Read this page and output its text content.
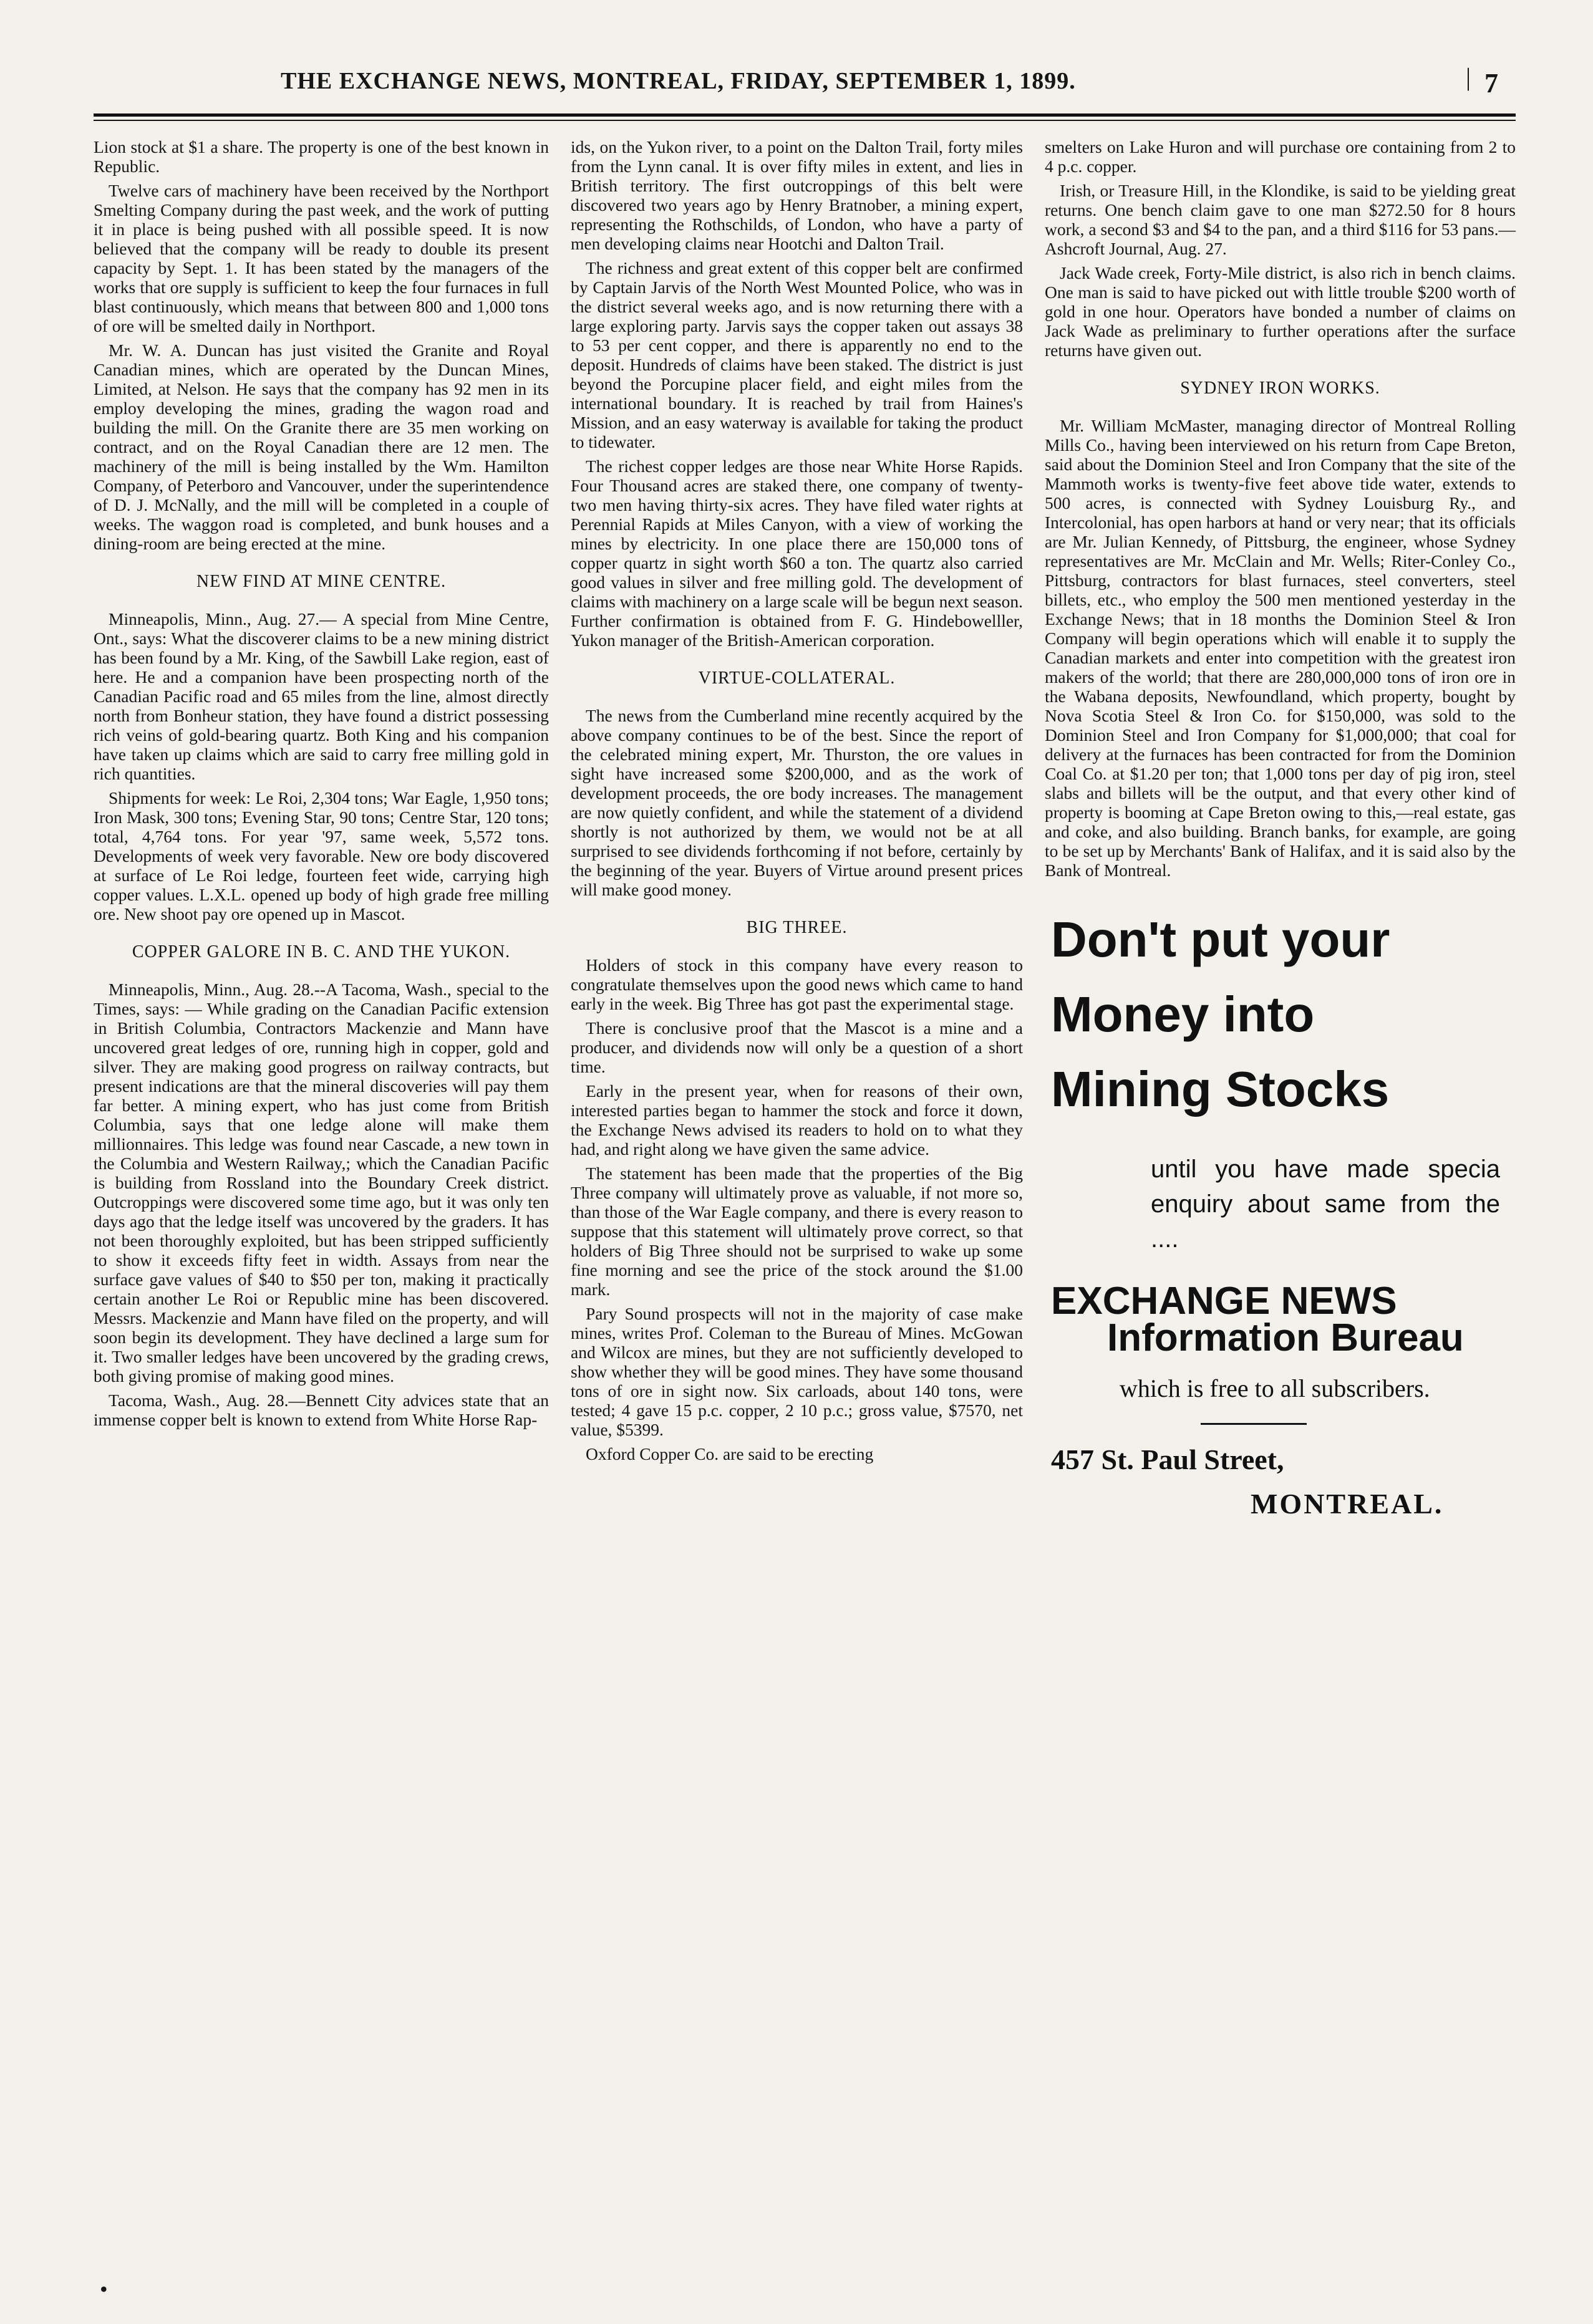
THE EXCHANGE NEWS, MONTREAL, FRIDAY, SEPTEMBER 1, 1899.	| 7

Lion stock at $1 a share. The property is one of the best known in Republic.

Twelve cars of machinery have been received by the Northport Smelting Company during the past week, and the work of putting it in place is being pushed with all possible speed. It is now believed that the company will be ready to double its present capacity by Sept. 1. It has been stated by the managers of the works that ore supply is sufficient to keep the four furnaces in full blast continuously, which means that between 800 and 1,000 tons of ore will be smelted daily in Northport.

Mr. W. A. Duncan has just visited the Granite and Royal Canadian mines, which are operated by the Duncan Mines, Limited, at Nelson. He says that the company has 92 men in its employ developing the mines, grading the wagon road and building the mill. On the Granite there are 35 men working on contract, and on the Royal Canadian there are 12 men. The machinery of the mill is being installed by the Wm. Hamilton Company, of Peterboro and Vancouver, under the superintendence of D. J. McNally, and the mill will be completed in a couple of weeks. The waggon road is completed, and bunk houses and a dining-room are being erected at the mine.

NEW FIND AT MINE CENTRE.

Minneapolis, Minn., Aug. 27.— A special from Mine Centre, Ont., says: What the discoverer claims to be a new mining district has been found by a Mr. King, of the Sawbill Lake region, east of here. He and a companion have been prospecting north of the Canadian Pacific road and 65 miles from the line, almost directly north from Bonheur station, they have found a district possessing rich veins of gold-bearing quartz. Both King and his companion have taken up claims which are said to carry free milling gold in rich quantities.

Shipments for week: Le Roi, 2,304 tons; War Eagle, 1,950 tons; Iron Mask, 300 tons; Evening Star, 90 tons; Centre Star, 120 tons; total, 4,764 tons. For year '97, same week, 5,572 tons. Developments of week very favorable. New ore body discovered at surface of Le Roi ledge, fourteen feet wide, carrying high copper values. L.X.L. opened up body of high grade free milling ore. New shoot pay ore opened up in Mascot.

COPPER GALORE IN B. C. AND THE YUKON.

Minneapolis, Minn., Aug. 28.--A Tacoma, Wash., special to the Times, says: — While grading on the Canadian Pacific extension in British Columbia, Contractors Mackenzie and Mann have uncovered great ledges of ore, running high in copper, gold and silver. They are making good progress on railway contracts, but present indications are that the mineral discoveries will pay them far better. A mining expert, who has just come from British Columbia, says that one ledge alone will make them millionnaires. This ledge was found near Cascade, a new town in the Columbia and Western Railway,; which the Canadian Pacific is building from Rossland into the Boundary Creek district. Outcroppings were discovered some time ago, but it was only ten days ago that the ledge itself was uncovered by the graders. It has not been thoroughly exploited, but has been stripped sufficiently to show it exceeds fifty feet in width. Assays from near the surface gave values of $40 to $50 per ton, making it practically certain another Le Roi or Republic mine has been discovered. Messrs. Mackenzie and Mann have filed on the property, and will soon begin its development. They have declined a large sum for it. Two smaller ledges have been uncovered by the grading crews, both giving promise of making good mines.

Tacoma, Wash., Aug. 28.—Bennett City advices state that an immense copper belt is known to extend from White Horse Rap-

ids, on the Yukon river, to a point on the Dalton Trail, forty miles from the Lynn canal. It is over fifty miles in extent, and lies in British territory. The first outcroppings of this belt were discovered two years ago by Henry Bratnober, a mining expert, representing the Rothschilds, of London, who have a party of men developing claims near Hootchi and Dalton Trail.

The richness and great extent of this copper belt are confirmed by Captain Jarvis of the North West Mounted Police, who was in the district several weeks ago, and is now returning there with a large exploring party. Jarvis says the copper taken out assays 38 to 53 per cent copper, and there is apparently no end to the deposit. Hundreds of claims have been staked. The district is just beyond the Porcupine placer field, and eight miles from the international boundary. It is reached by trail from Haines's Mission, and an easy waterway is available for taking the product to tidewater.

The richest copper ledges are those near White Horse Rapids. Four Thousand acres are staked there, one company of twenty-two men having thirty-six acres. They have filed water rights at Perennial Rapids at Miles Canyon, with a view of working the mines by electricity. In one place there are 150,000 tons of copper quartz in sight worth $60 a ton. The quartz also carried good values in silver and free milling gold. The development of claims with machinery on a large scale will be begun next season. Further confirmation is obtained from F. G. Hindebowelller, Yukon manager of the British-American corporation.

VIRTUE-COLLATERAL.

The news from the Cumberland mine recently acquired by the above company continues to be of the best. Since the report of the celebrated mining expert, Mr. Thurston, the ore values in sight have increased some $200,000, and as the work of development proceeds, the ore body increases. The management are now quietly confident, and while the statement of a dividend shortly is not authorized by them, we would not be at all surprised to see dividends forthcoming if not before, certainly by the beginning of the year. Buyers of Virtue around present prices will make good money.

BIG THREE.

Holders of stock in this company have every reason to congratulate themselves upon the good news which came to hand early in the week. Big Three has got past the experimental stage.

There is conclusive proof that the Mascot is a mine and a producer, and dividends now will only be a question of a short time.

Early in the present year, when for reasons of their own, interested parties began to hammer the stock and force it down, the Exchange News advised its readers to hold on to what they had, and right along we have given the same advice.

The statement has been made that the properties of the Big Three company will ultimately prove as valuable, if not more so, than those of the War Eagle company, and there is every reason to suppose that this statement will ultimately prove correct, so that holders of Big Three should not be surprised to wake up some fine morning and see the price of the stock around the $1.00 mark.

Pary Sound prospects will not in the majority of case make mines, writes Prof. Coleman to the Bureau of Mines. McGowan and Wilcox are mines, but they are not sufficiently developed to show whether they will be good mines. They have some thousand tons of ore in sight now. Six carloads, about 140 tons, were tested; 4 gave 15 p.c. copper, 2 10 p.c.; gross value, $7570, net value, $5399.

Oxford Copper Co. are said to be erecting

smelters on Lake Huron and will purchase ore containing from 2 to 4 p.c. copper.

Irish, or Treasure Hill, in the Klondike, is said to be yielding great returns. One bench claim gave to one man $272.50 for 8 hours work, a second $3 and $4 to the pan, and a third $116 for 53 pans.—Ashcroft Journal, Aug. 27.

Jack Wade creek, Forty-Mile district, is also rich in bench claims. One man is said to have picked out with little trouble $200 worth of gold in one hour. Operators have bonded a number of claims on Jack Wade as preliminary to further operations after the surface returns have given out.

SYDNEY IRON WORKS.

Mr. William McMaster, managing director of Montreal Rolling Mills Co., having been interviewed on his return from Cape Breton, said about the Dominion Steel and Iron Company that the site of the Mammoth works is twenty-five feet above tide water, extends to 500 acres, is connected with Sydney Louisburg Ry., and Intercolonial, has open harbors at hand or very near; that its officials are Mr. Julian Kennedy, of Pittsburg, the engineer, whose Sydney representatives are Mr. McClain and Mr. Wells; Riter-Conley Co., Pittsburg, contractors for blast furnaces, steel converters, steel billets, etc., who employ the 500 men mentioned yesterday in the Exchange News; that in 18 months the Dominion Steel & Iron Company will begin operations which will enable it to supply the Canadian markets and enter into competition with the greatest iron makers of the world; that there are 280,000,000 tons of iron ore in the Wabana deposits, Newfoundland, which property, bought by Nova Scotia Steel & Iron Co. for $150,000, was sold to the Dominion Steel and Iron Company for $1,000,000; that coal for delivery at the furnaces has been contracted for from the Dominion Coal Co. at $1.20 per ton; that 1,000 tons per day of pig iron, steel slabs and billets will be the output, and that every other kind of property is booming at Cape Breton owing to this,—real estate, gas and coke, and also building. Branch banks, for example, are going to be set up by Merchants' Bank of Halifax, and it is said also by the Bank of Montreal.

Don't put your
Money into
Mining Stocks
until you have made specia enquiry about same from the ....
EXCHANGE NEWS
Information Bureau
which is free to all subscribers.
457 St. Paul Street,
MONTREAL.
•
